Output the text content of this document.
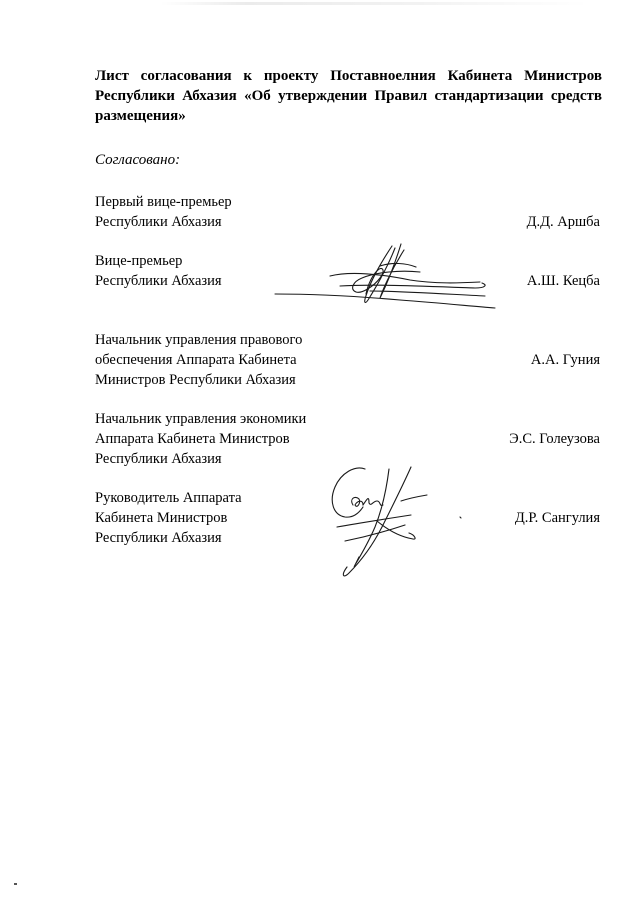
Лист согласования к проекту Поставноелния Кабинета Министров Республики Абхазия «Об утверждении Правил стандартизации средств размещения»
Согласовано:
Первый вице-премьер
Республики Абхазия	Д.Д. Аршба
Вице-премьер
Республики Абхазия	А.Ш. Кецба
Начальник управления правового
обеспечения Аппарата Кабинета
Министров Республики Абхазия
А.А. Гуния
Начальник управления экономики
Аппарата Кабинета Министров
Республики Абхазия
Э.С. Голеузова
Руководитель Аппарата
Кабинета Министров
Республики Абхазия
Д.Р. Сангулия
